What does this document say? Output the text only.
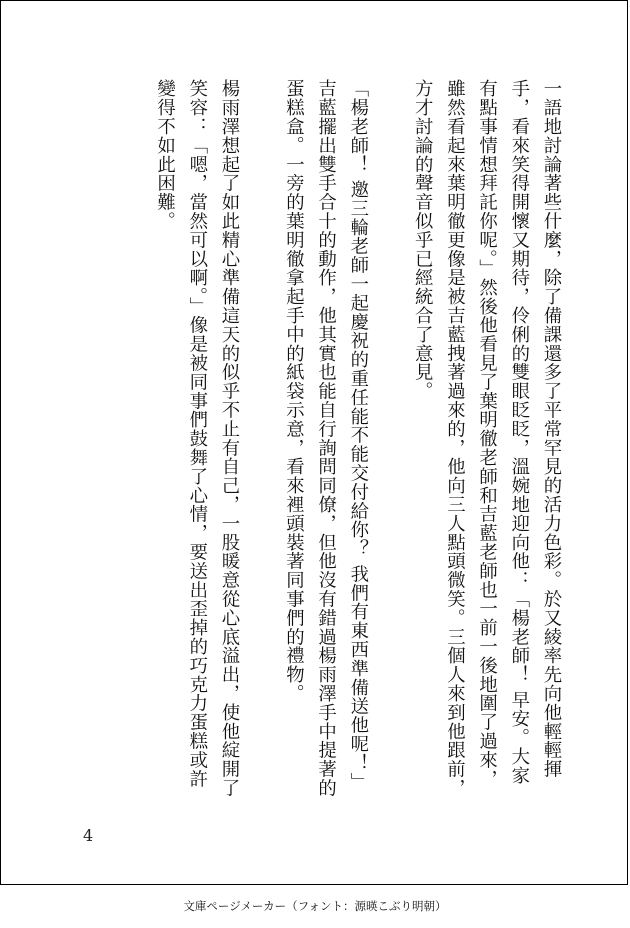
一語地討論著些什麼，除了備課還多了平常罕見的活力色彩。於又綾率先向他輕輕揮手，看來笑得開懷又期待，伶俐的雙眼眨眨，溫婉地迎向他：「楊老師！ 早安。大家有點事情想拜託你呢。」然後他看見了葉明徹老師和吉藍老師也一前一後地圍了過來，雖然看起來葉明徹更像是被吉藍拽著過來的，他向三人點頭微笑。三個人來到他跟前，方才討論的聲音似乎已經統合了意見。

「楊老師！ 邀三輪老師一起慶祝的重任能不能交付給你？ 我們有東西準備送他呢！」吉藍擺出雙手合十的動作，他其實也能自行詢問同僚，但他沒有錯過楊雨澤手中提著的蛋糕盒。一旁的葉明徹拿起手中的紙袋示意，看來裡頭裝著同事們的禮物。

楊雨澤想起了如此精心準備這天的似乎不止有自己，一股暖意從心底溢出，使他綻開了笑容：「嗯，當然可以啊。」像是被同事們鼓舞了心情，要送出歪掉的巧克力蛋糕或許變得不如此困難。

4
文庫ページメーカー（フォント：源暎こぶり明朝）
